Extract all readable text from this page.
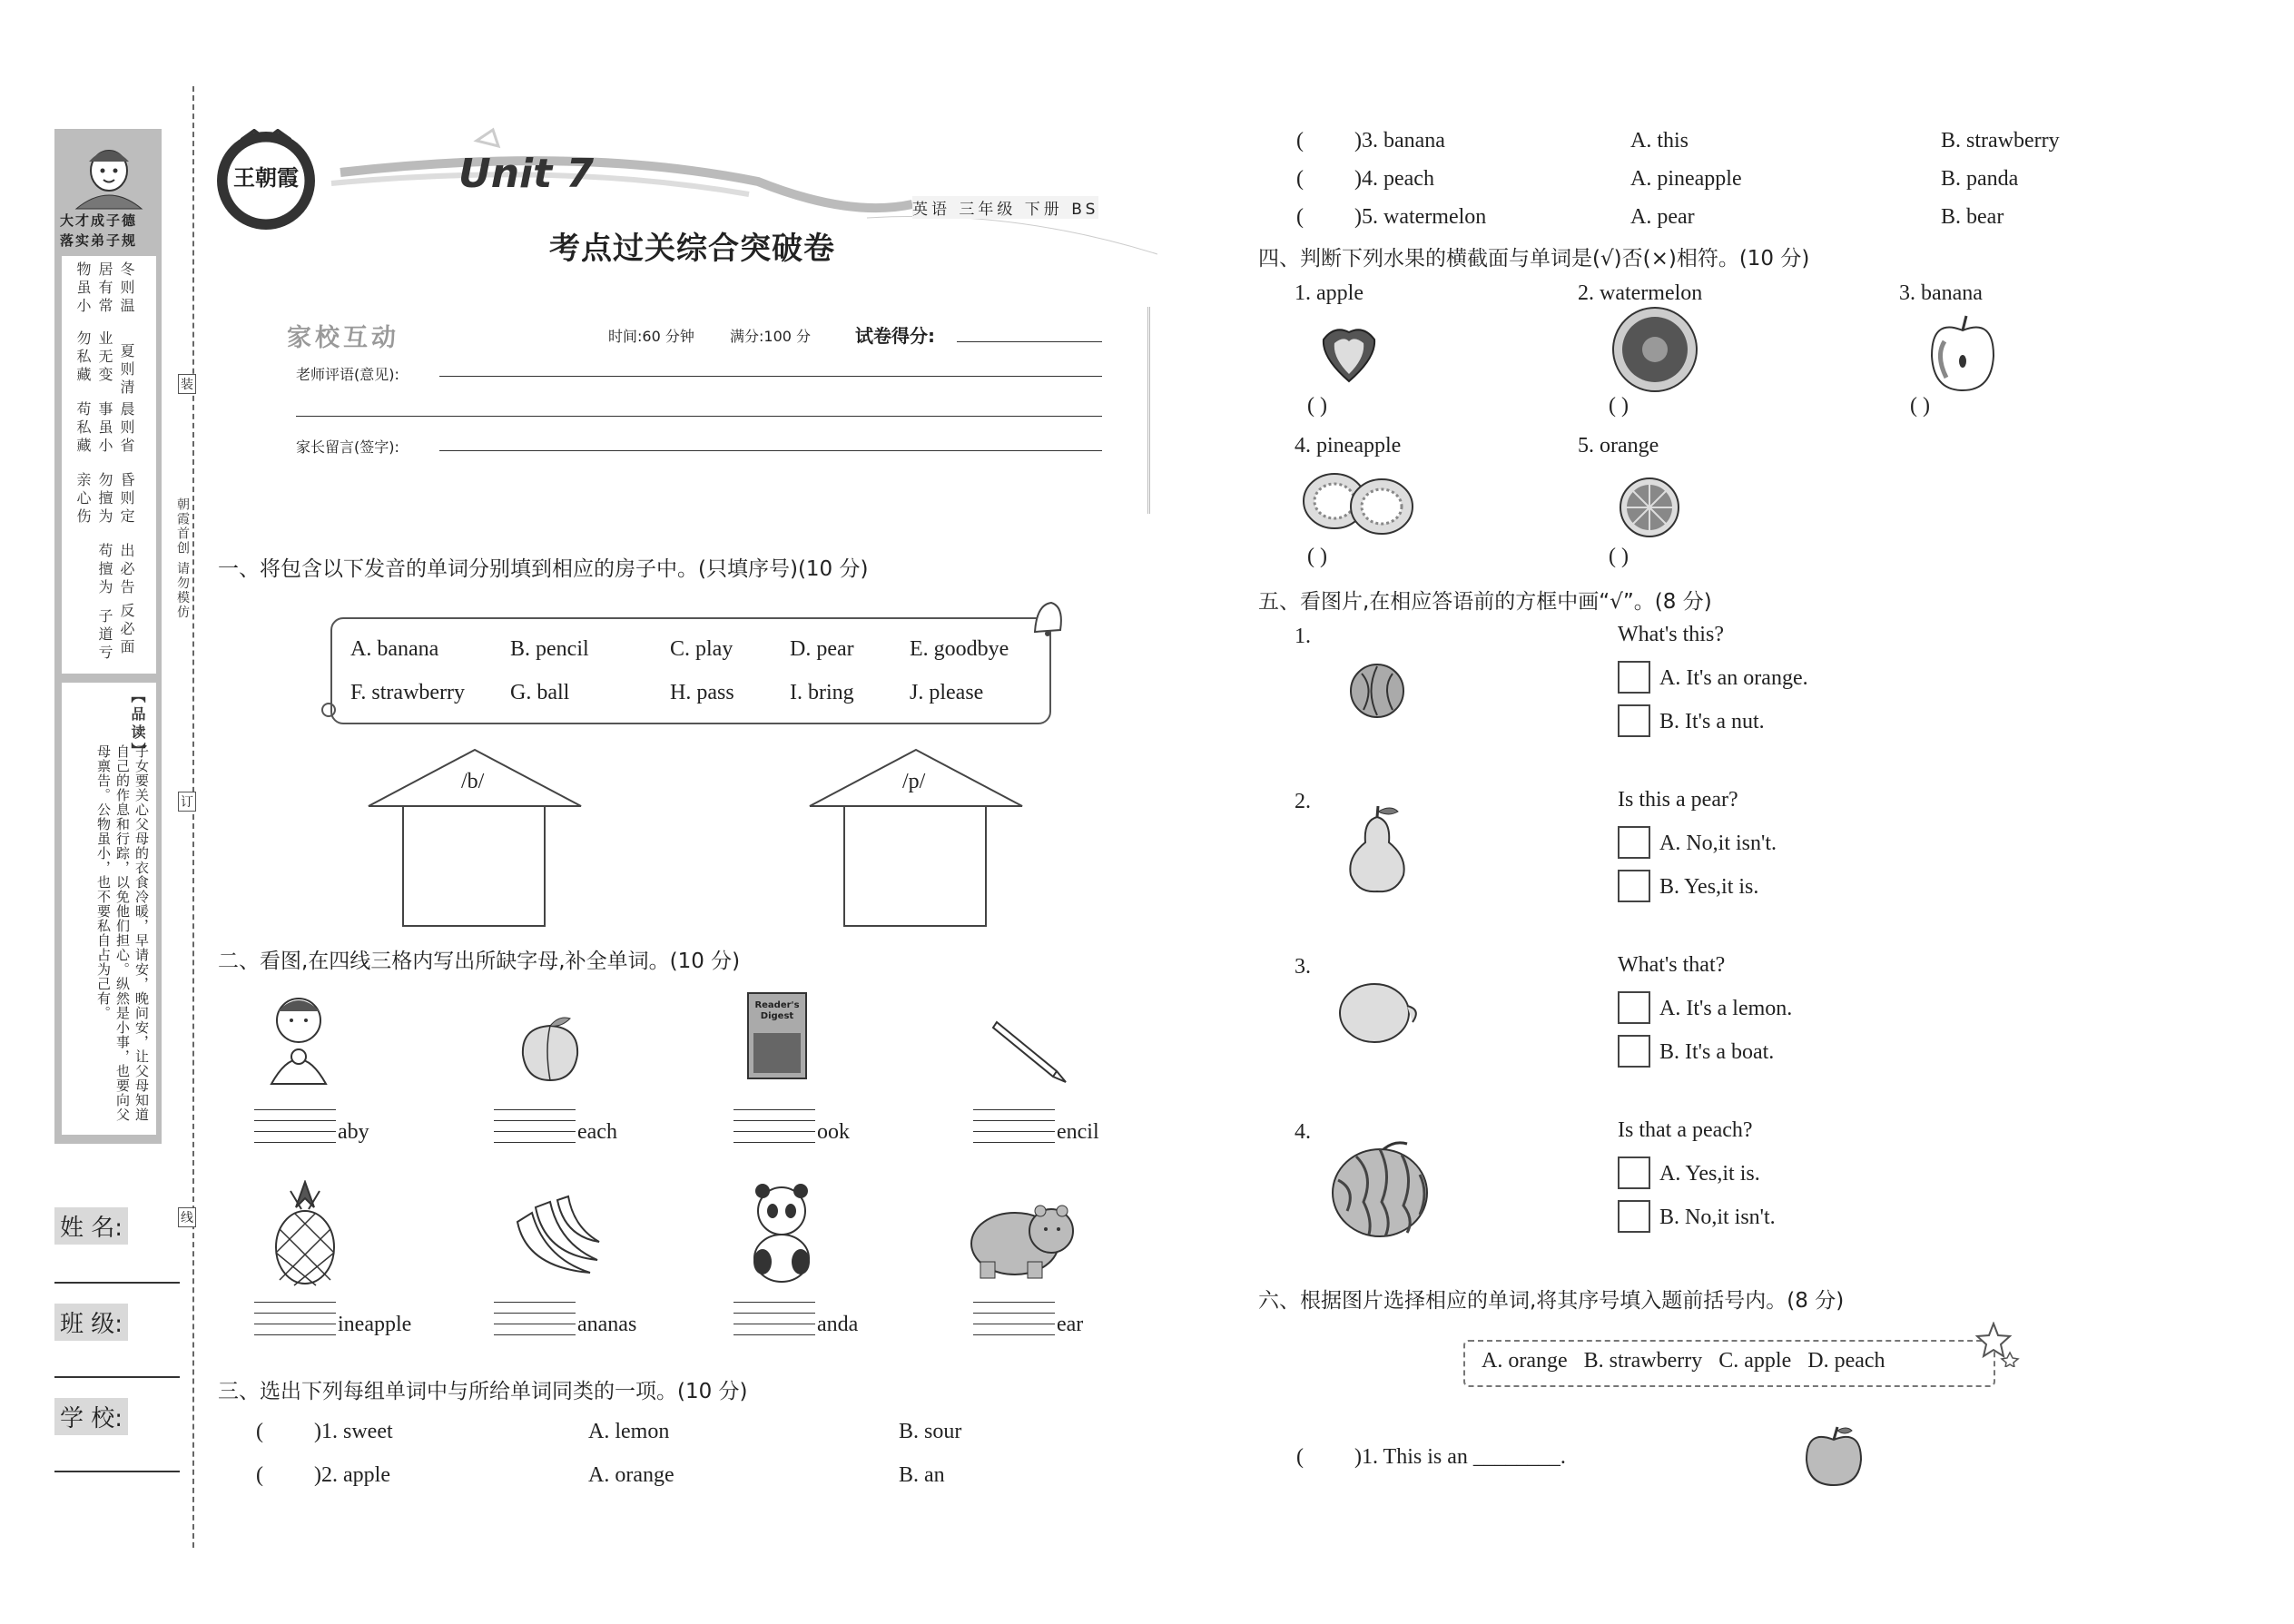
大才成子德
落实弟子规
冬则温
夏则清
晨则省
昏则定
出必告
反必面
居有常
业无变
事虽小
勿擅为
苟擅为
子道亏
物虽小
勿私藏
苟私藏
亲心伤
【品读】
子女要关心父母的衣食冷暖，早请安，晚问安，让父母知道自己的作息和行踪，以免他们担心。纵然是小事，也要向父母禀告。公物虽小，也不要私自占为己有。
姓 名:
班 级:
学 校:
装
订
线
朝霞首创 请勿模仿
王朝霞	Unit 7
考点过关综合突破卷
英语 三年级 下册 BS
家校互动	时间:60 分钟 满分:100 分 试卷得分:
老师评语(意见):
家长留言(签字):
一、将包含以下发音的单词分别填到相应的房子中。(只填序号)(10 分)
A. banana	B. pencil	C. play	D. pear	E. goodbye
F. strawberry G. ball	H. pass	I. bring	J. please
/b/	/p/
二、看图,在四线三格内写出所缺字母,补全单词。(10 分)
Reader's Digest
aby	each	ook	encil
ineapple	ananas	anda	ear
三、选出下列每组单词中与所给单词同类的一项。(10 分)
( )1. sweet	A. lemon	B. sour
( )2. apple	A. orange	B. an
( )3. banana	A. this	B. strawberry
( )4. peach	A. pineapple	B. panda
( )5. watermelon	A. pear	B. bear
四、判断下列水果的横截面与单词是(√)否(×)相符。(10 分)
1. apple	2. watermelon	3. banana
( )	( )	( )
4. pineapple	5. orange
( )	( )
五、看图片,在相应答语前的方框中画“√”。(8 分)
1.	What's this?
A. It's an orange.
B. It's a nut.
2.	Is this a pear?
A. No,it isn't.
B. Yes,it is.
3.	What's that?
A. It's a lemon.
B. It's a boat.
4.	Is that a peach?
A. Yes,it is.
B. No,it isn't.
六、根据图片选择相应的单词,将其序号填入题前括号内。(8 分)
A. orange   B. strawberry   C. apple   D. peach
( )1. This is an ________.
